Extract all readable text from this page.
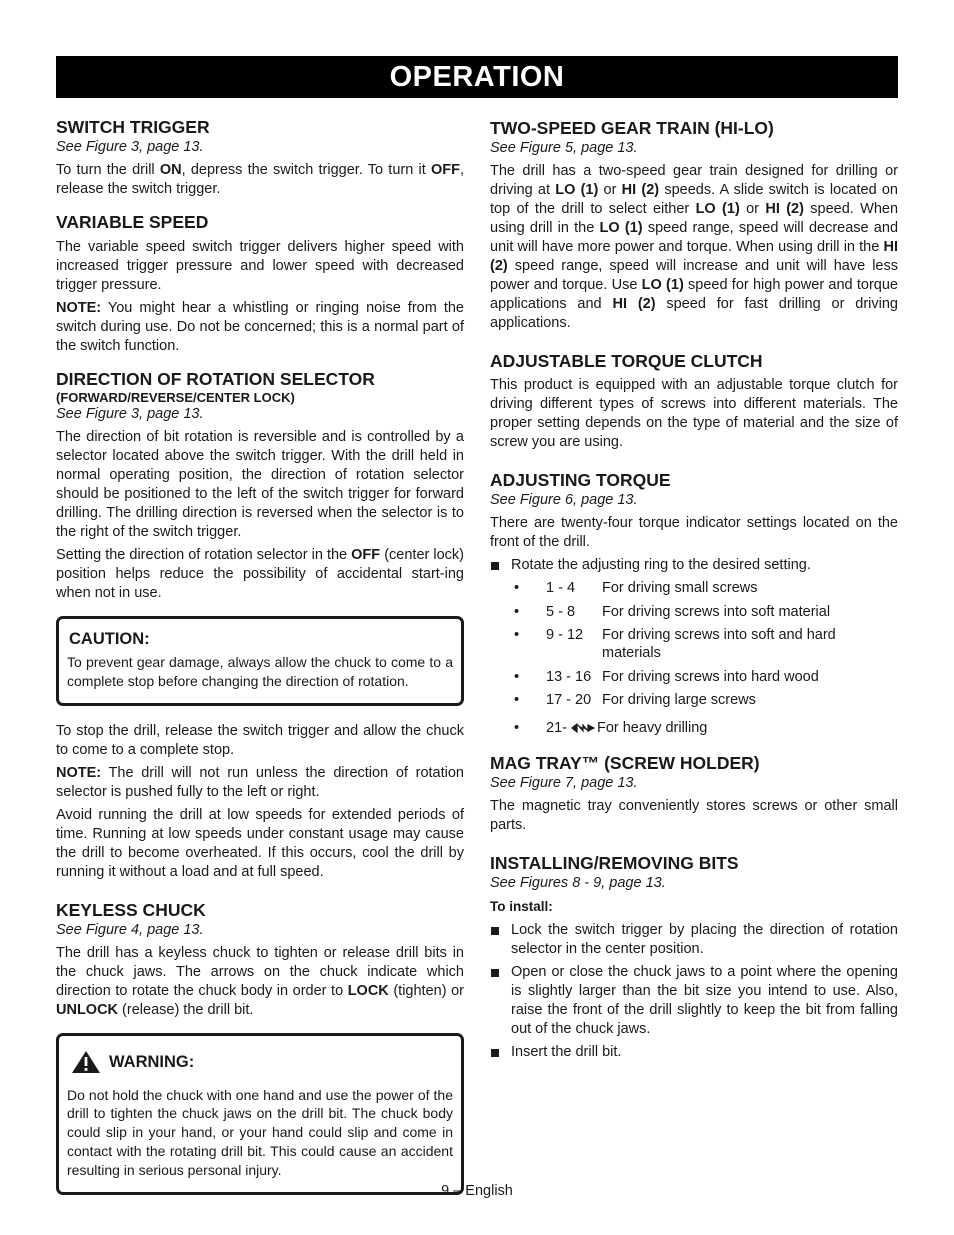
OPERATION
SWITCH TRIGGER
See Figure 3, page 13.

To turn the drill ON, depress the switch trigger. To turn it OFF, release the switch trigger.

VARIABLE SPEED

The variable speed switch trigger delivers higher speed with increased trigger pressure and lower speed with decreased trigger pressure.

NOTE: You might hear a whistling or ringing noise from the switch during use. Do not be concerned; this is a normal part of the switch function.

DIRECTION OF ROTATION SELECTOR
(FORWARD/REVERSE/CENTER LOCK)
See Figure 3, page 13.

The direction of bit rotation is reversible and is controlled by a selector located above the switch trigger. With the drill held in normal operating position, the direction of rotation selector should be positioned to the left of the switch trigger for forward drilling. The drilling direction is reversed when the selector is to the right of the switch trigger.

Setting the direction of rotation selector in the OFF (center lock) position helps reduce the possibility of accidental start-ing when not in use.

CAUTION:

To prevent gear damage, always allow the chuck to come to a complete stop before changing the direction of rotation.

To stop the drill, release the switch trigger and allow the chuck to come to a complete stop.

NOTE: The drill will not run unless the direction of rotation selector is pushed fully to the left or right.

Avoid running the drill at low speeds for extended periods of time. Running at low speeds under constant usage may cause the drill to become overheated. If this occurs, cool the drill by running it without a load and at full speed.

KEYLESS CHUCK
See Figure 4, page 13.

The drill has a keyless chuck to tighten or release drill bits in the chuck jaws. The arrows on the chuck indicate which direction to rotate the chuck body in order to LOCK (tighten) or UNLOCK (release) the drill bit.

WARNING:

Do not hold the chuck with one hand and use the power of the drill to tighten the chuck jaws on the drill bit. The chuck body could slip in your hand, or your hand could slip and come in contact with the rotating drill bit. This could cause an accident resulting in serious personal injury.

TWO-SPEED GEAR TRAIN (HI-LO)
See Figure 5, page 13.

The drill has a two-speed gear train designed for drilling or driving at LO (1) or HI (2) speeds. A slide switch is located on top of the drill to select either LO (1) or HI (2) speed. When using drill in the LO (1) speed range, speed will decrease and unit will have more power and torque. When using drill in the HI (2) speed range, speed will increase and unit will have less power and torque. Use LO (1) speed for high power and torque applications and HI (2) speed for fast drilling or driving applications.

ADJUSTABLE TORQUE CLUTCH

This product is equipped with an adjustable torque clutch for driving different types of screws into different materials. The proper setting depends on the type of material and the size of screw you are using.

ADJUSTING TORQUE
See Figure 6, page 13.

There are twenty-four torque indicator settings located on the front of the drill.

Rotate the adjusting ring to the desired setting.
•	1 - 4	For driving small screws
•	5 - 8	For driving screws into soft material
•	9 - 12	For driving screws into soft and hard materials
•	13 - 16 For driving screws into hard wood
•	17 - 20 For driving large screws
•	21- For heavy drilling
MAG TRAY™ (SCREW HOLDER)
See Figure 7, page 13.

The magnetic tray conveniently stores screws or other small parts.

INSTALLING/REMOVING BITS
See Figures 8 - 9, page 13.

To install:

Lock the switch trigger by placing the direction of rotation selector in the center position.
Open or close the chuck jaws to a point where the opening is slightly larger than the bit size you intend to use. Also, raise the front of the drill slightly to keep the bit from falling out of the chuck jaws.
Insert the drill bit.
9 – English
